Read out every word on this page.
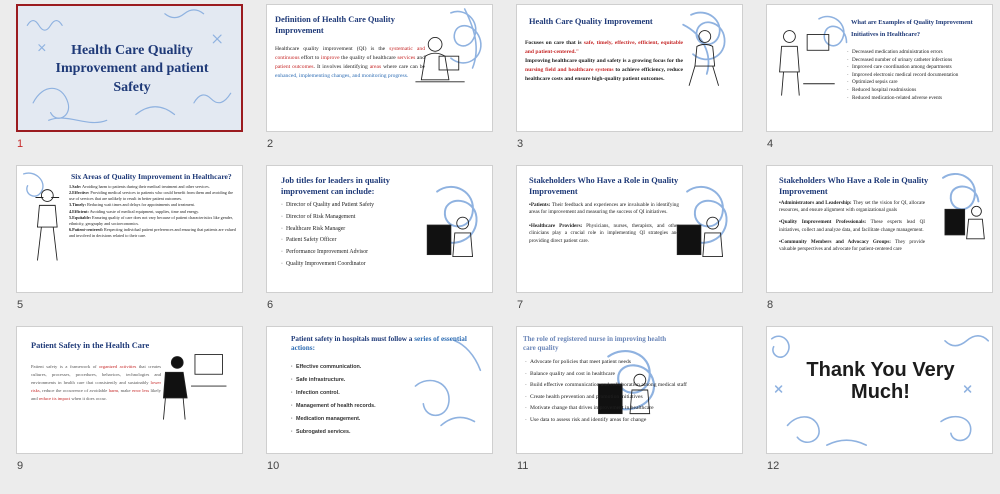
Health Care Quality Improvement and patient Safety
1
Definition of Health Care Quality Improvement
Healthcare quality improvement (QI) is the systematic and continuous effort to improve the quality of healthcare services and patient outcomes. It involves identifying areas where care can be enhanced, implementing changes, and monitoring progress.
2
Health Care Quality Improvement
Focuses on care that is safe, timely, effective, efficient, equitable and patient-centered."
Improving healthcare quality and safety is a growing focus for the nursing field and healthcare systems to achieve efficiency, reduce healthcare costs and ensure high-quality patient outcomes.
3
What are Examples of Quality Improvement Initiatives in Healthcare?
· Decreased medication administration errors
· Decreased number of urinary catheter infections
· Improved care coordination among departments
· Improved electronic medical record documentation
· Optimized sepsis care
· Reduced hospital readmissions
· Reduced medication-related adverse events
4
Six Areas of Quality Improvement in Healthcare?
1.Safe: Avoiding harm to patients during their medical treatment and other services.
2.Effective: Providing medical services to patients who could benefit from them and avoiding the use of services that are unlikely to result in better patient outcomes.
3.Timely: Reducing wait times and delays for appointments and treatment.
4.Efficient: Avoiding waste of medical equipment, supplies, time and energy.
5.Equitable: Ensuring quality of care does not vary because of patient characteristics like gender, ethnicity, geography and socioeconomics.
6.Patient-centered: Respecting individual patient preferences and ensuring that patients are valued and involved in decisions related to their care.
5
Job titles for leaders in quality improvement can include:
· Director of Quality and Patient Safety
· Director of Risk Management
· Healthcare Risk Manager
· Patient Safety Officer
· Performance Improvement Advisor
· Quality Improvement Coordinator
6
Stakeholders Who Have a Role in Quality Improvement
•Patients: Their feedback and experiences are invaluable in identifying areas for improvement and measuring the success of QI initiatives.
•Healthcare Providers: Physicians, nurses, therapists, and other clinicians play a crucial role in implementing QI strategies and providing direct patient care.
7
Stakeholders Who Have a Role in Quality Improvement
•Administrators and Leadership: They set the vision for QI, allocate resources, and ensure alignment with organizational goals
•Quality Improvement Professionals: These experts lead QI initiatives, collect and analyze data, and facilitate change management.
•Community Members and Advocacy Groups: They provide valuable perspectives and advocate for patient-centered care
8
Patient Safety in the Health Care
Patient safety is a framework of organized activities that creates cultures, processes, procedures, behaviors, technologies and environments in health care that consistently and sustainably lower risks, reduce the occurrence of avoidable harm, make error less likely and reduce its impact when it does occur.
9
Patient safety in hospitals must follow a series of essential actions:
· Effective communication.
· Safe infrastructure.
· Infection control.
· Management of health records.
· Medication management.
· Subrogated services.
10
The role of registered nurse in improving health care quality
· Advocate for policies that meet patient needs
· Balance quality and cost in healthcare
· Build effective communication and collaboration among medical staff
· Create health prevention and promotion initiatives
· Motivate change that drives improvement in healthcare
· Use data to assess risk and identify areas for change
11
Thank You Very Much!
12
